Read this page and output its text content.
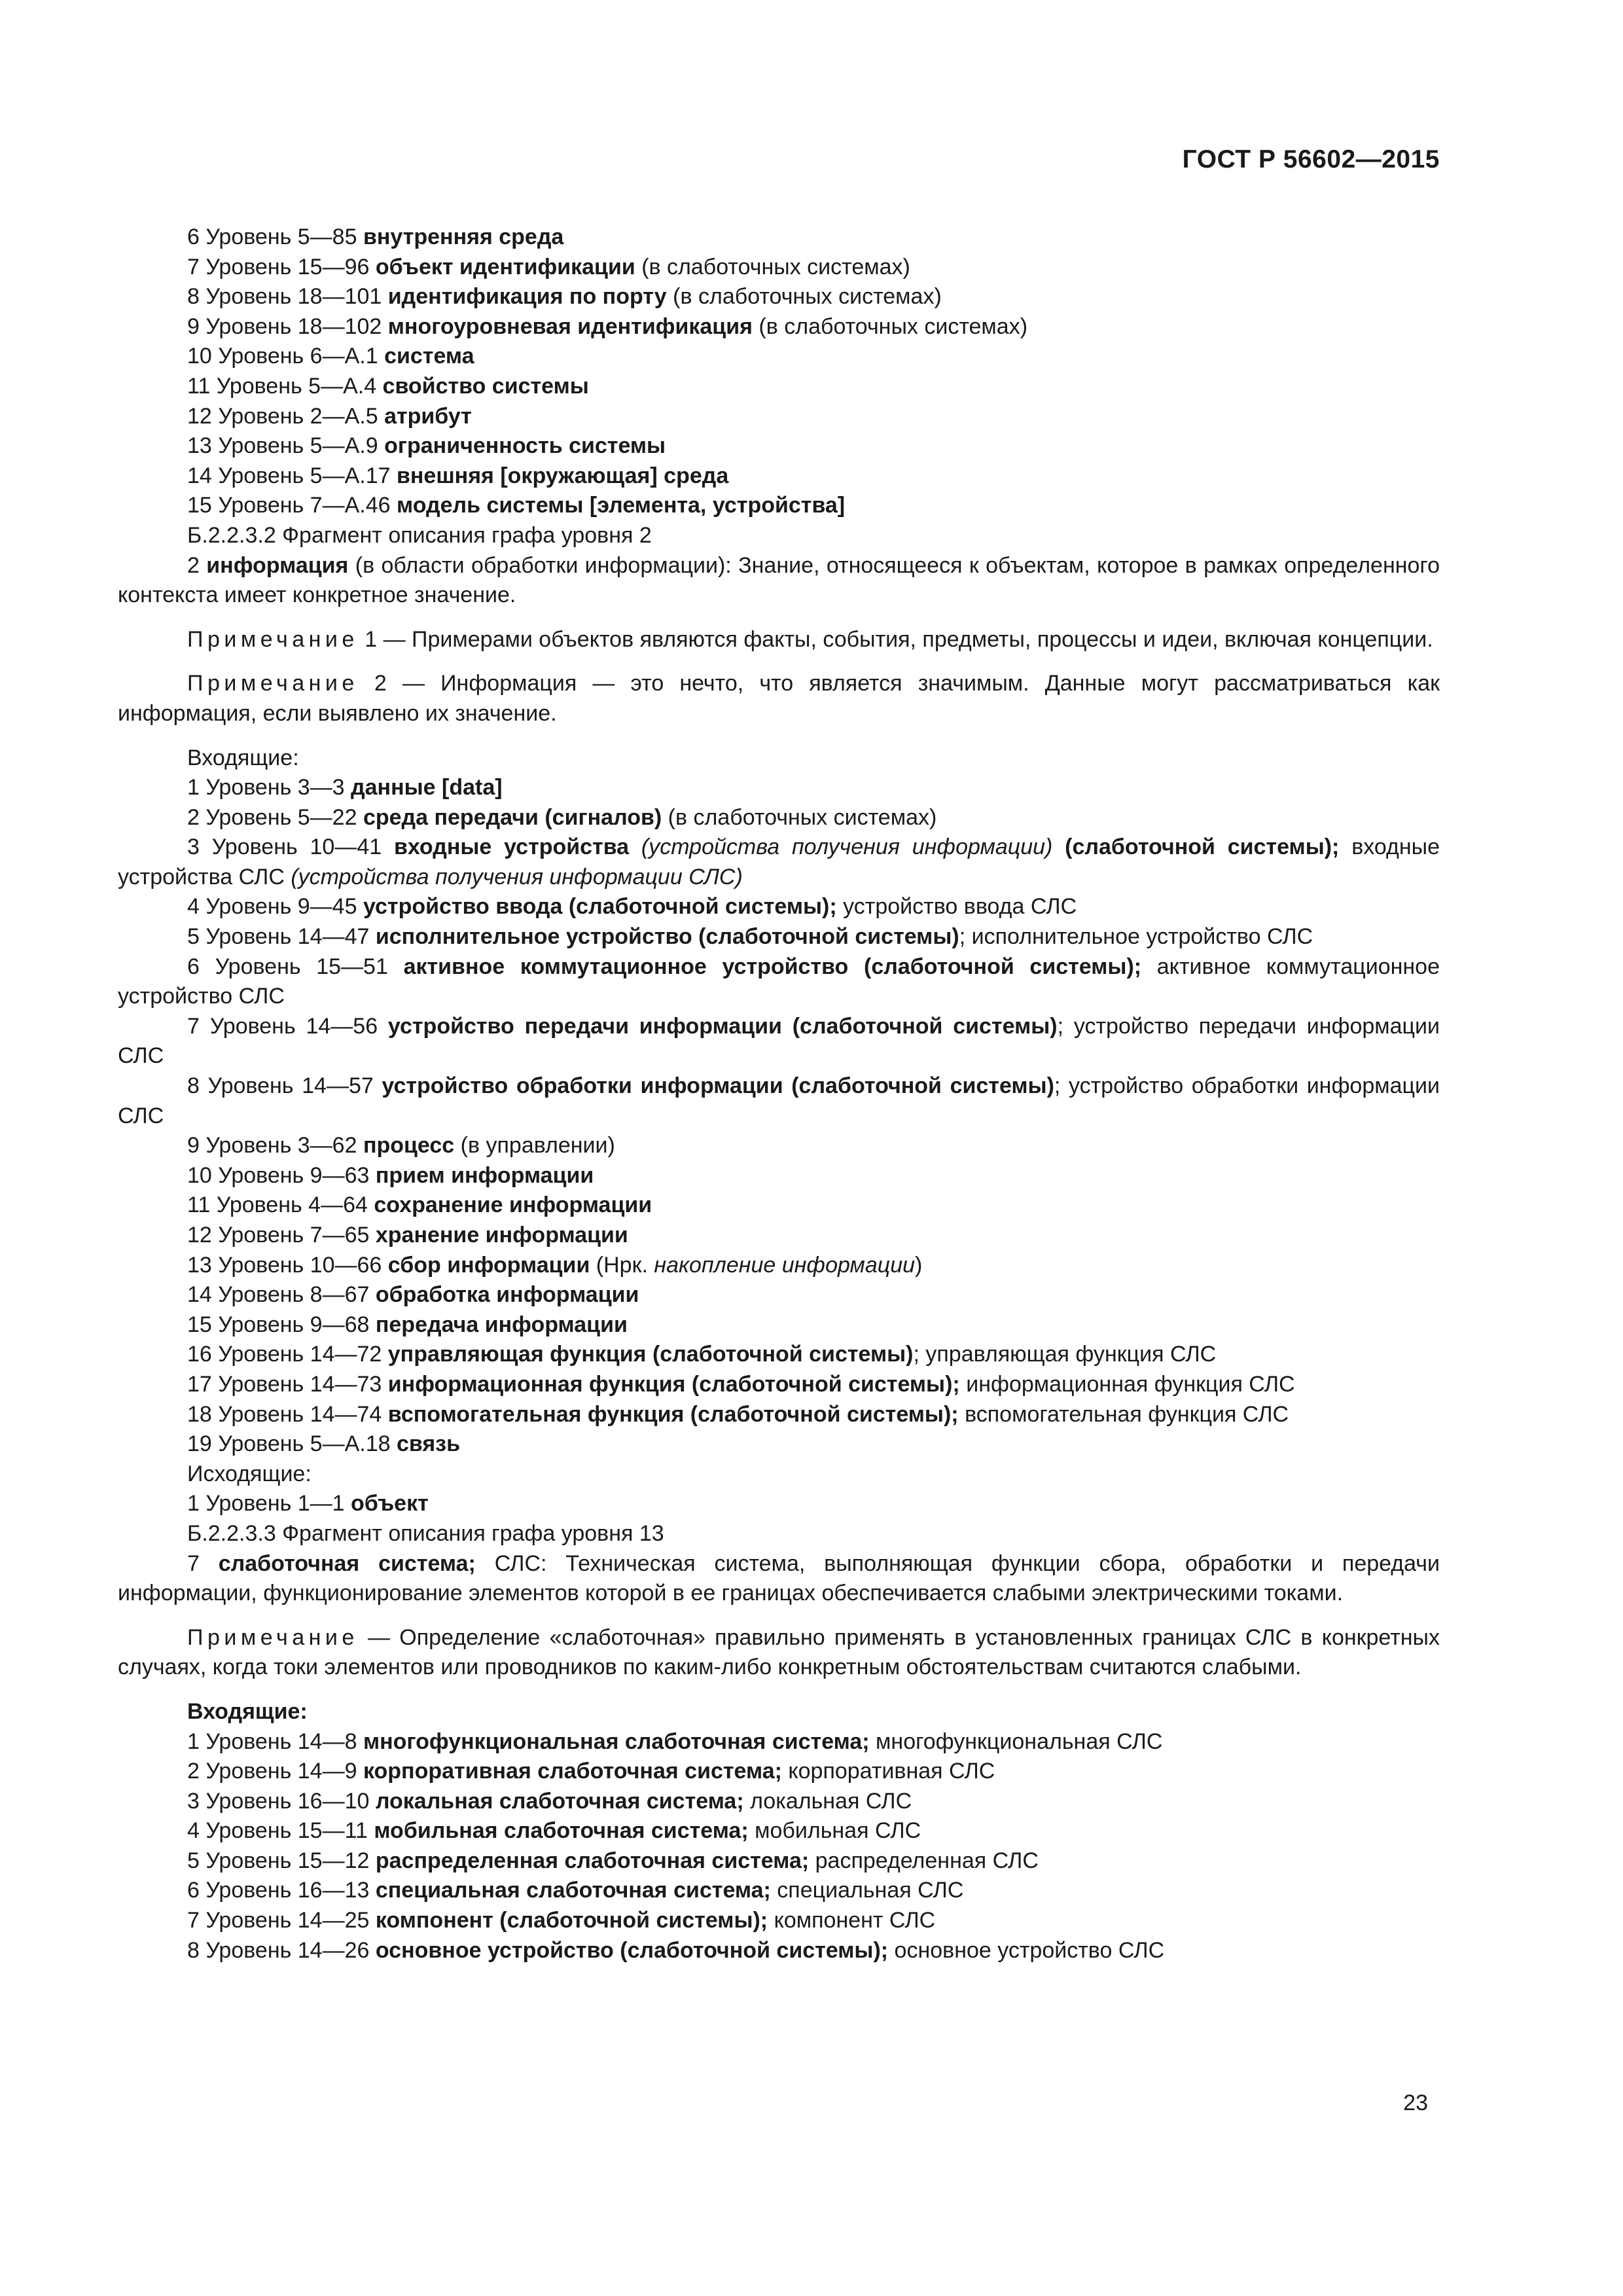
ГОСТ Р 56602—2015
6 Уровень 5—85 внутренняя среда
7 Уровень 15—96 объект идентификации (в слаботочных системах)
8 Уровень 18—101 идентификация по порту (в слаботочных системах)
9 Уровень 18—102 многоуровневая идентификация (в слаботочных системах)
10 Уровень 6—А.1 система
11 Уровень 5—А.4 свойство системы
12 Уровень 2—А.5 атрибут
13 Уровень 5—А.9 ограниченность системы
14 Уровень 5—А.17 внешняя [окружающая] среда
15 Уровень 7—А.46 модель системы [элемента, устройства]
Б.2.2.3.2 Фрагмент описания графа уровня 2
2 информация (в области обработки информации): Знание, относящееся к объектам, которое в рамках определенного контекста имеет конкретное значение.
Примечание 1 — Примерами объектов являются факты, события, предметы, процессы и идеи, включая концепции.
Примечание 2 — Информация — это нечто, что является значимым. Данные могут рассматриваться как информация, если выявлено их значение.
Входящие:
1 Уровень 3—3 данные [data]
2 Уровень 5—22 среда передачи (сигналов) (в слаботочных системах)
3 Уровень 10—41 входные устройства (устройства получения информации) (слаботочной системы); входные устройства СЛС (устройства получения информации СЛС)
4 Уровень 9—45 устройство ввода (слаботочной системы); устройство ввода СЛС
5 Уровень 14—47 исполнительное устройство (слаботочной системы); исполнительное устройство СЛС
6 Уровень 15—51 активное коммутационное устройство (слаботочной системы); активное коммутационное устройство СЛС
7 Уровень 14—56 устройство передачи информации (слаботочной системы); устройство передачи информации СЛС
8 Уровень 14—57 устройство обработки информации (слаботочной системы); устройство обработки информации СЛС
9 Уровень 3—62 процесс (в управлении)
10 Уровень 9—63 прием информации
11 Уровень 4—64 сохранение информации
12 Уровень 7—65 хранение информации
13 Уровень 10—66 сбор информации (Нрк. накопление информации)
14 Уровень 8—67 обработка информации
15 Уровень 9—68 передача информации
16 Уровень 14—72 управляющая функция (слаботочной системы); управляющая функция СЛС
17 Уровень 14—73 информационная функция (слаботочной системы); информационная функция СЛС
18 Уровень 14—74 вспомогательная функция (слаботочной системы); вспомогательная функция СЛС
19 Уровень 5—А.18 связь
Исходящие:
1 Уровень 1—1 объект
Б.2.2.3.3 Фрагмент описания графа уровня 13
7 слаботочная система; СЛС: Техническая система, выполняющая функции сбора, обработки и передачи информации, функционирование элементов которой в ее границах обеспечивается слабыми электрическими токами.
Примечание — Определение «слаботочная» правильно применять в установленных границах СЛС в конкретных случаях, когда токи элементов или проводников по каким-либо конкретным обстоятельствам считаются слабыми.
Входящие:
1 Уровень 14—8 многофункциональная слаботочная система; многофункциональная СЛС
2 Уровень 14—9 корпоративная слаботочная система; корпоративная СЛС
3 Уровень 16—10 локальная слаботочная система; локальная СЛС
4 Уровень 15—11 мобильная слаботочная система; мобильная СЛС
5 Уровень 15—12 распределенная слаботочная система; распределенная СЛС
6 Уровень 16—13 специальная слаботочная система; специальная СЛС
7 Уровень 14—25 компонент (слаботочной системы); компонент СЛС
8 Уровень 14—26 основное устройство (слаботочной системы); основное устройство СЛС
23
